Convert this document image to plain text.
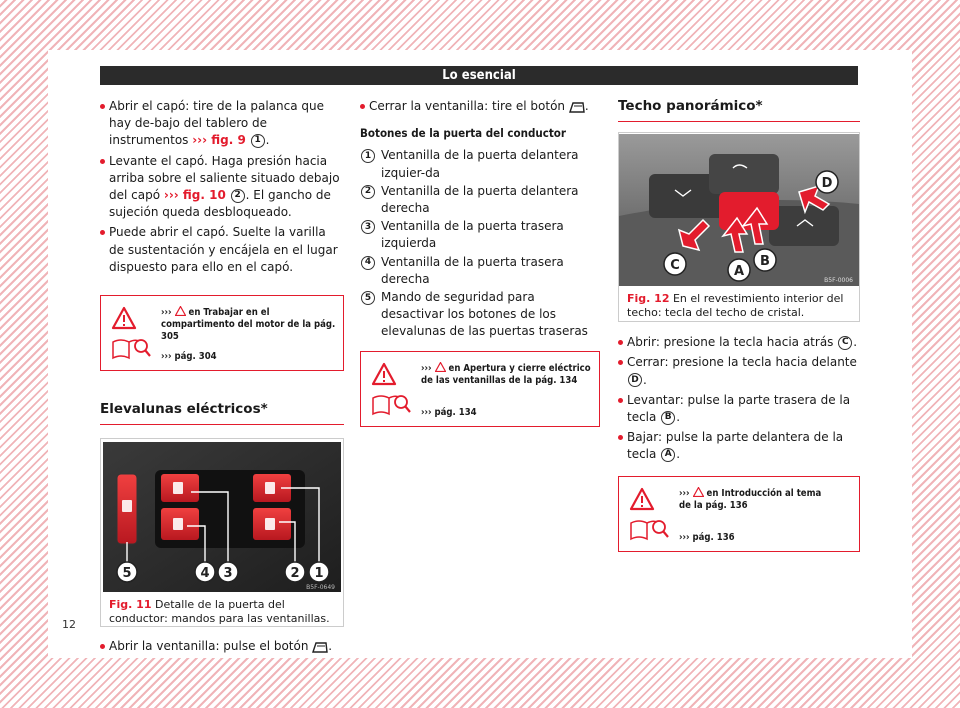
Lo esencial
Abrir el capó: tire de la palanca que hay de-bajo del tablero de instrumentos ››› fig. 9 1 .
Levante el capó. Haga presión hacia arriba sobre el saliente situado debajo del capó ››› fig. 10 2 . El gancho de sujeción queda desbloqueado.
Puede abrir el capó. Suelte la varilla de sustentación y encájela en el lugar dispuesto para ello en el capó.
››› en Trabajar en el compartimento del motor de la pág. 305
››› pág. 304
Elevalunas eléctricos*
5	4 3	2 1
B5F-0649
Fig. 11 Detalle de la puerta del conductor: mandos para las ventanillas.
Abrir la ventanilla: pulse el botón .
Cerrar la ventanilla: tire el botón .
Botones de la puerta del conductor
1 Ventanilla de la puerta delantera izquier-da
2 Ventanilla de la puerta delantera derecha
3 Ventanilla de la puerta trasera izquierda
4 Ventanilla de la puerta trasera derecha
5 Mando de seguridad para desactivar los botones de los elevalunas de las puertas traseras
››› en Apertura y cierre eléctrico de las ventanillas de la pág. 134
››› pág. 134
Techo panorámico*
D
C	A
B
B5F-0006
Fig. 12 En el revestimiento interior del techo: tecla del techo de cristal.
Abrir: presione la tecla hacia atrás C .
Cerrar: presione la tecla hacia delante D .
Levantar: pulse la parte trasera de la tecla B .
Bajar: pulse la parte delantera de la tecla A .
››› en Introducción al tema de la pág. 136
››› pág. 136
12
